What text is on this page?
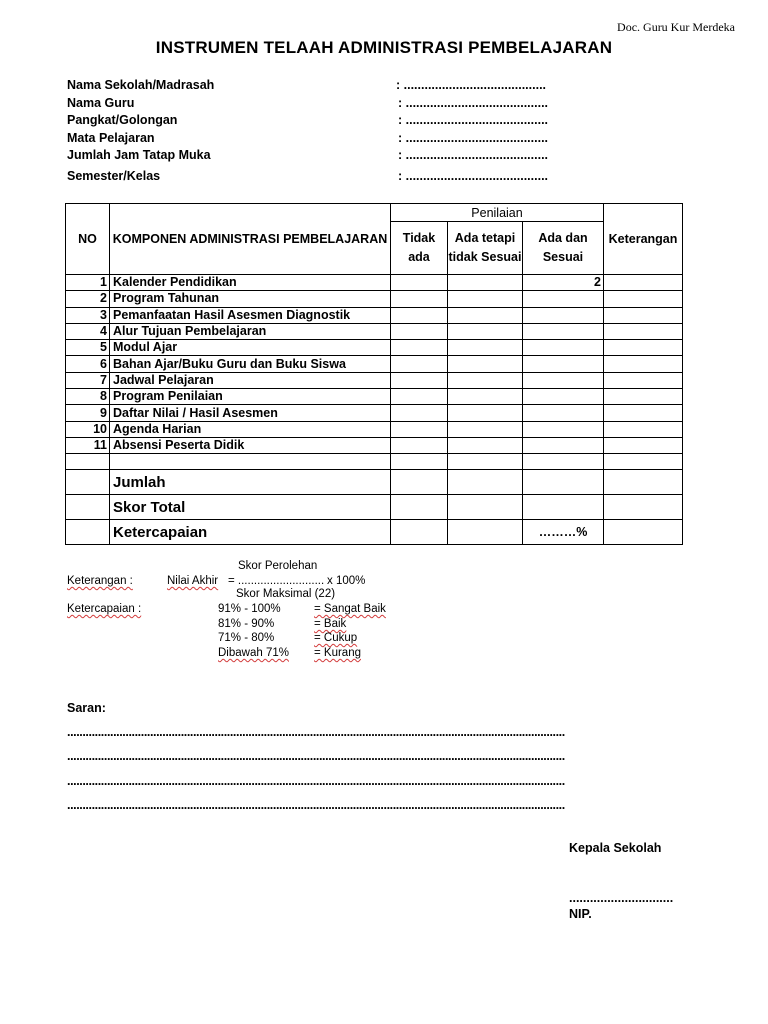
Doc. Guru Kur Merdeka
INSTRUMEN TELAAH ADMINISTRASI PEMBELAJARAN
Nama Sekolah/Madrasah	: .........................................
Nama Guru	: .........................................
Pangkat/Golongan	: .........................................
Mata Pelajaran	: .........................................
Jumlah Jam Tatap Muka	: .........................................
Semester/Kelas	: .........................................
NO	KOMPONEN ADMINISTRASI PEMBELAJARAN	Penilaian			Keterangan
		Tidak ada	Ada tetapi tidak Sesuai	Ada dan Sesuai	
1	Kalender Pendidikan			2	
2	Program Tahunan				
3	Pemanfaatan Hasil Asesmen Diagnostik				
4	Alur Tujuan Pembelajaran				
5	Modul Ajar				
6	Bahan Ajar/Buku Guru dan Buku Siswa				
7	Jadwal Pelajaran				
8	Program Penilaian				
9	Daftar Nilai / Hasil Asesmen				
10	Agenda Harian				
11	Absensi Peserta Didik				

	Jumlah				
	Skor Total				
	Ketercapaian			………%	
Skor Perolehan
Keterangan :	Nilai Akhir = ........................... x 100%
Skor Maksimal (22)
Ketercapaian :	91% - 100%	= Sangat Baik
81% - 90%	= Baik
71% - 80%	= Cukup
Dibawah 71% = Kurang
Saran:
..................................................................................................................................................................
..................................................................................................................................................................
..................................................................................................................................................................
..................................................................................................................................................................
Kepala Sekolah
..............................
NIP.
